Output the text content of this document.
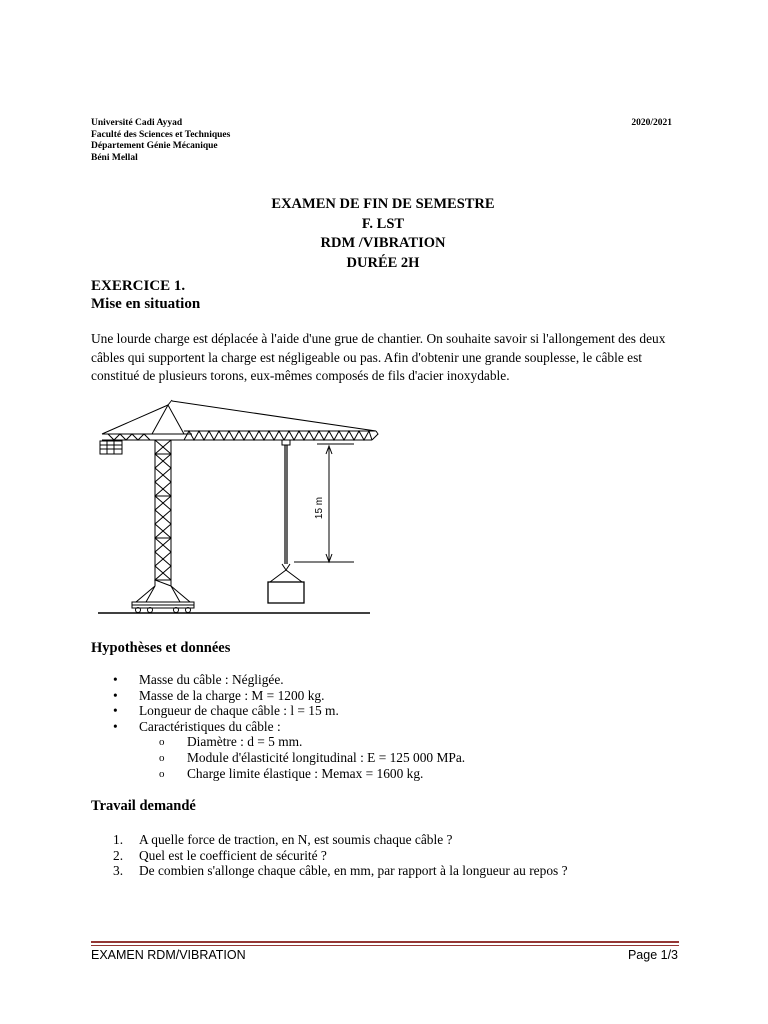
Université Cadi Ayyad
Faculté des Sciences et Techniques
Département Génie Mécanique
Béni Mellal
2020/2021
EXAMEN DE FIN DE SEMESTRE
F. LST
RDM /VIBRATION
DURÉE 2H
EXERCICE 1.
Mise en situation
Une lourde charge est déplacée à l'aide d'une grue de chantier. On souhaite savoir si l'allongement des deux câbles qui supportent la charge est négligeable ou pas. Afin d'obtenir une grande souplesse, le câble est constitué de plusieurs torons, eux-mêmes composés de fils d'acier inoxydable.
15 m
Hypothèses et données
• Masse du câble : Négligée.
• Masse de la charge : M = 1200 kg.
• Longueur de chaque câble : l = 15 m.
• Caractéristiques du câble :
o Diamètre : d = 5 mm.
o Module d'élasticité longitudinal : E = 125 000 MPa.
o Charge limite élastique : Memax = 1600 kg.
Travail demandé
1. A quelle force de traction, en N, est soumis chaque câble ?
2. Quel est le coefficient de sécurité ?
3. De combien s'allonge chaque câble, en mm, par rapport à la longueur au repos ?
EXAMEN RDM/VIBRATION	Page 1/3
